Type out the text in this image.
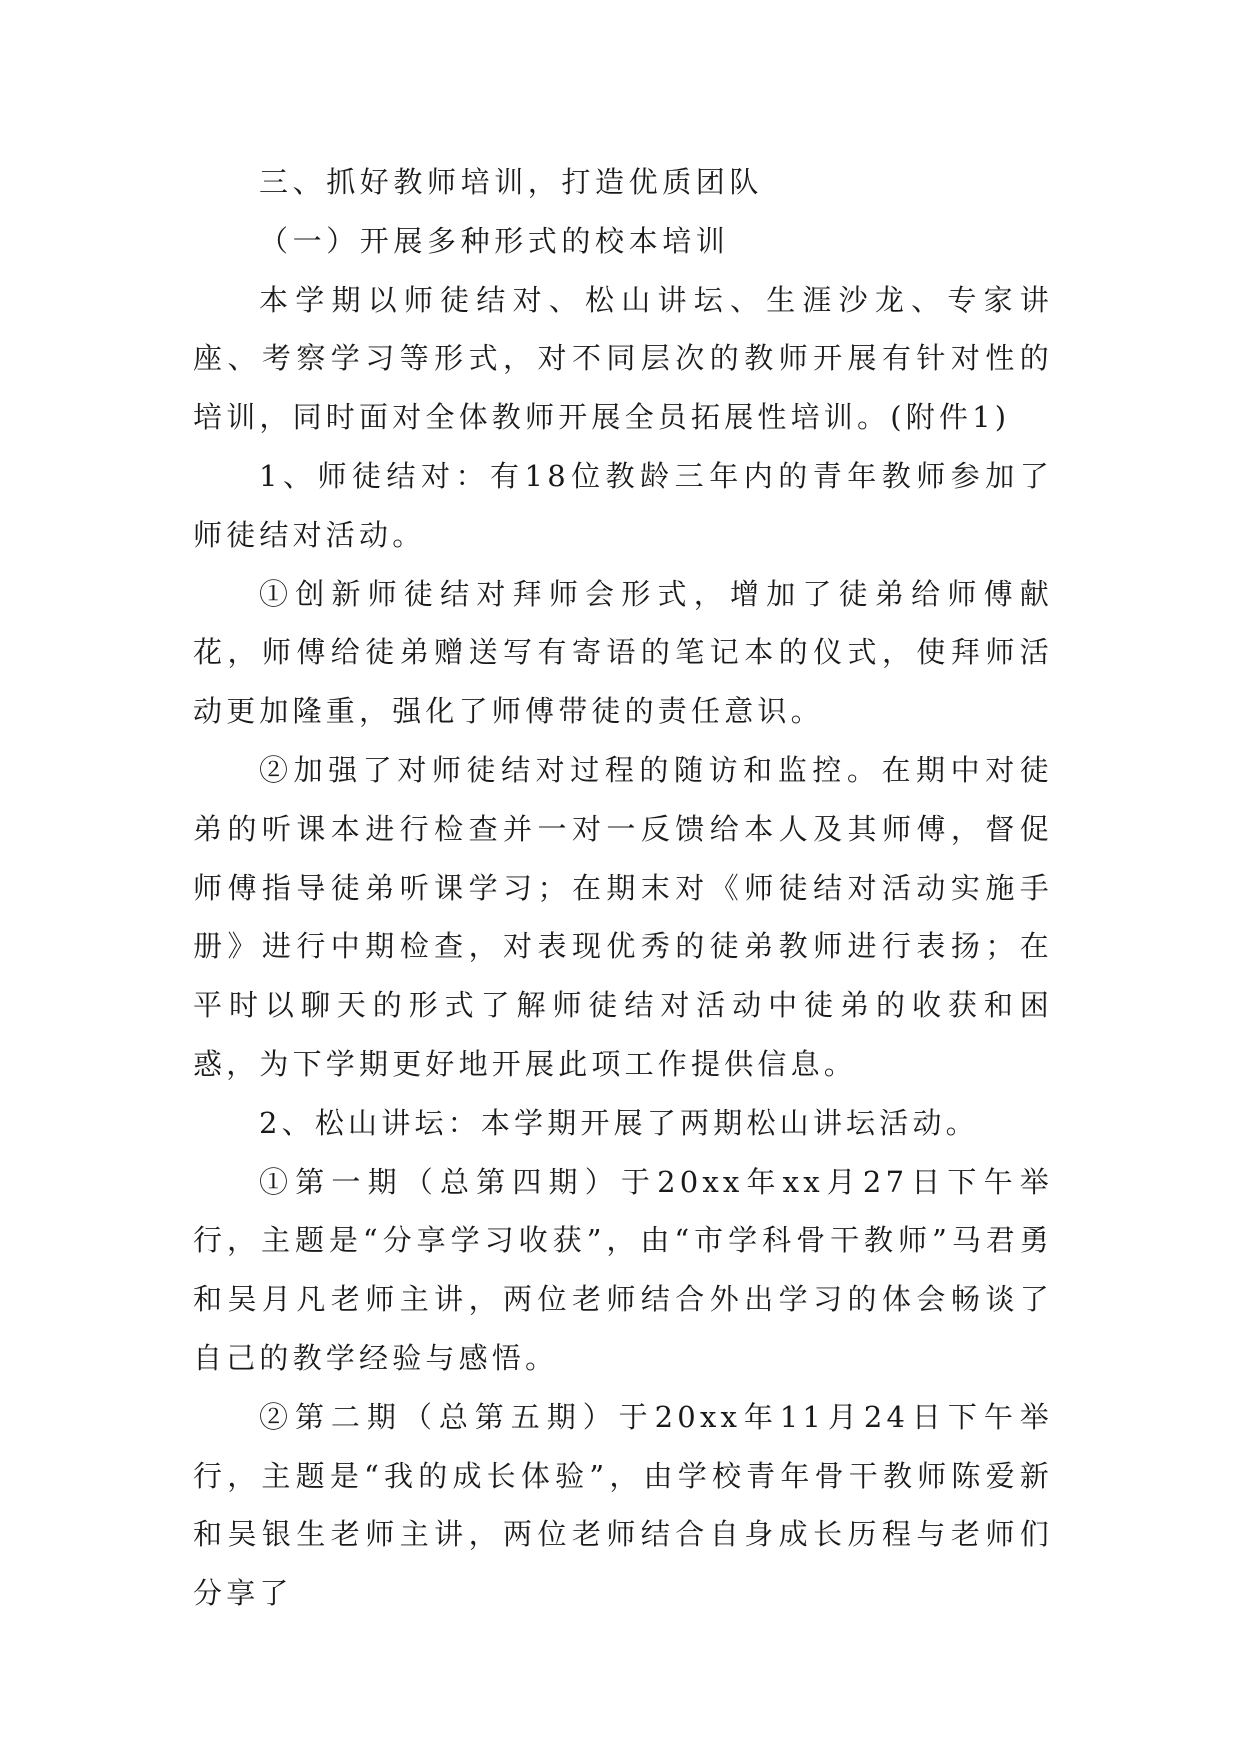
三、抓好教师培训，打造优质团队

（一）开展多种形式的校本培训

本学期以师徒结对、松山讲坛、生涯沙龙、专家讲座、考察学习等形式，对不同层次的教师开展有针对性的培训，同时面对全体教师开展全员拓展性培训。(附件1)

1、师徒结对：有18位教龄三年内的青年教师参加了师徒结对活动。

①创新师徒结对拜师会形式，增加了徒弟给师傅献花，师傅给徒弟赠送写有寄语的笔记本的仪式，使拜师活动更加隆重，强化了师傅带徒的责任意识。

②加强了对师徒结对过程的随访和监控。在期中对徒弟的听课本进行检查并一对一反馈给本人及其师傅，督促师傅指导徒弟听课学习；在期末对《师徒结对活动实施手册》进行中期检查，对表现优秀的徒弟教师进行表扬；在平时以聊天的形式了解师徒结对活动中徒弟的收获和困惑，为下学期更好地开展此项工作提供信息。

2、松山讲坛：本学期开展了两期松山讲坛活动。

①第一期（总第四期）于20xx年xx月27日下午举行，主题是“分享学习收获”，由“市学科骨干教师”马君勇和吴月凡老师主讲，两位老师结合外出学习的体会畅谈了自己的教学经验与感悟。

②第二期（总第五期）于20xx年11月24日下午举行，主题是“我的成长体验”，由学校青年骨干教师陈爱新和吴银生老师主讲，两位老师结合自身成长历程与老师们分享了
